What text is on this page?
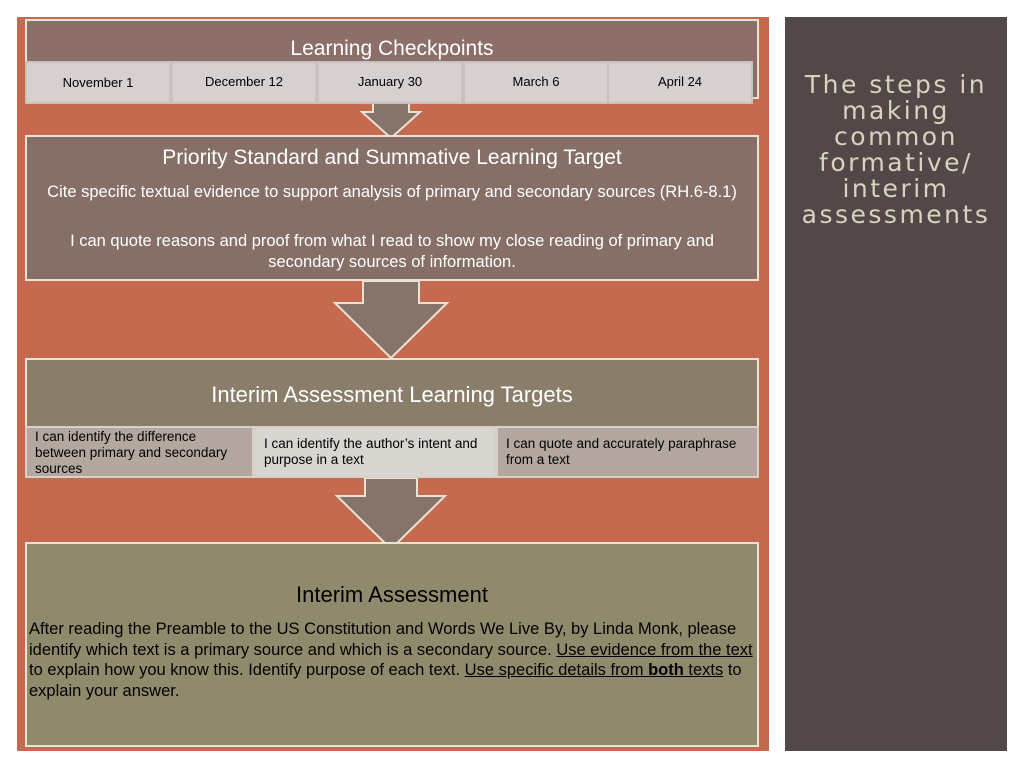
The steps in making common formative/ interim assessments
Learning Checkpoints
November 1	December 12	January 30	March 6	April 24
Priority Standard and Summative Learning Target
Cite specific textual evidence to support analysis of primary and secondary sources (RH.6-8.1)
I can quote reasons and proof from what I read to show my close reading of primary and secondary sources of information.
Interim Assessment Learning Targets
I can identify the difference between primary and secondary sources
I can identify the author’s intent and purpose in a text
I can quote and accurately paraphrase from a text
Interim Assessment
After reading the Preamble to the US Constitution and Words We Live By, by Linda Monk, please identify which text is a primary source and which is a secondary source. Use evidence from the text to explain how you know this. Identify purpose of each text. Use specific details from both texts to explain your answer.
